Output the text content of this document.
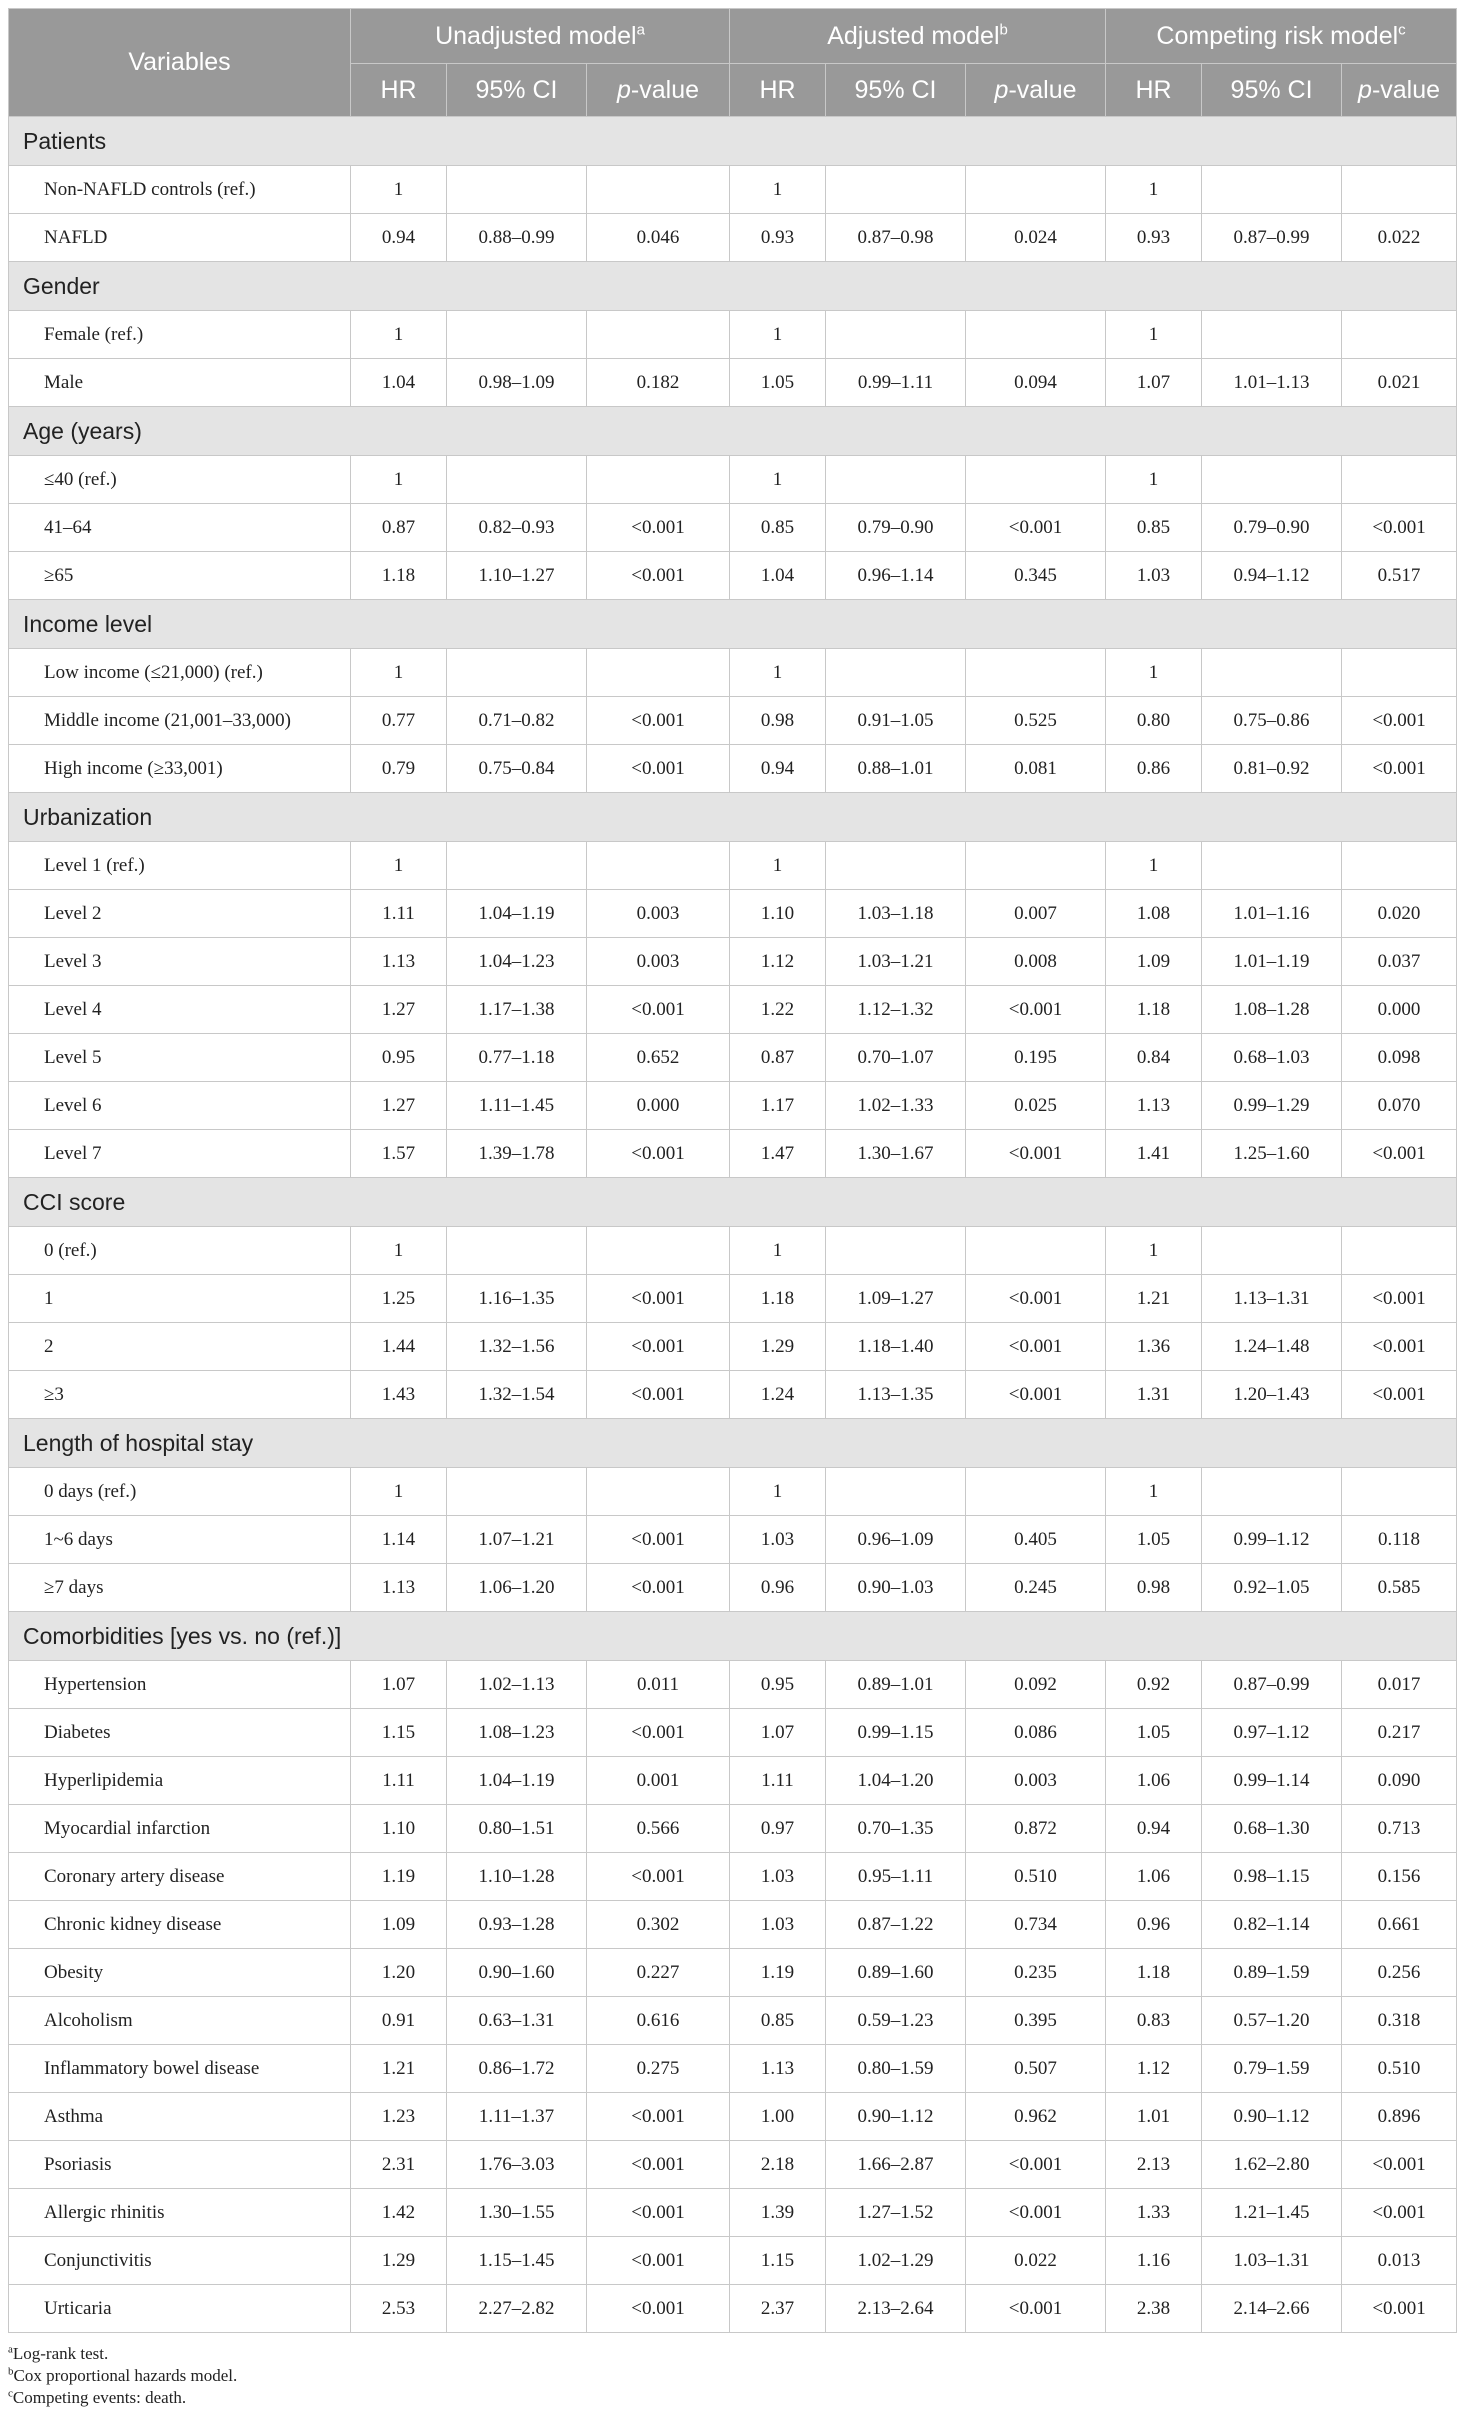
Variables	Unadjusted model$^a$			Adjusted model$^b$			Competing risk model$^c$
	HR	95% CI	p-value	HR	95% CI	p-value	HR	95% CI	p-value
Patients									
Non-NAFLD controls (ref.)	1			1			1		
NAFLD	0.94	0.88–0.99	0.046	0.93	0.87–0.98	0.024	0.93	0.87–0.99	0.022
Gender									
Female (ref.)	1			1			1		
Male	1.04	0.98–1.09	0.182	1.05	0.99–1.11	0.094	1.07	1.01–1.13	0.021
Age (years)									
≤40 (ref.)	1			1			1		
41–64	0.87	0.82–0.93	<0.001	0.85	0.79–0.90	<0.001	0.85	0.79–0.90	<0.001
≥65	1.18	1.10–1.27	<0.001	1.04	0.96–1.14	0.345	1.03	0.94–1.12	0.517
Income level									
Low income (≤21,000) (ref.)	1			1			1		
Middle income (21,001–33,000)	0.77	0.71–0.82	<0.001	0.98	0.91–1.05	0.525	0.80	0.75–0.86	<0.001
High income (≥33,001)	0.79	0.75–0.84	<0.001	0.94	0.88–1.01	0.081	0.86	0.81–0.92	<0.001
Urbanization									
Level 1 (ref.)	1			1			1		
Level 2	1.11	1.04–1.19	0.003	1.10	1.03–1.18	0.007	1.08	1.01–1.16	0.020
Level 3	1.13	1.04–1.23	0.003	1.12	1.03–1.21	0.008	1.09	1.01–1.19	0.037
Level 4	1.27	1.17–1.38	<0.001	1.22	1.12–1.32	<0.001	1.18	1.08–1.28	0.000
Level 5	0.95	0.77–1.18	0.652	0.87	0.70–1.07	0.195	0.84	0.68–1.03	0.098
Level 6	1.27	1.11–1.45	0.000	1.17	1.02–1.33	0.025	1.13	0.99–1.29	0.070
Level 7	1.57	1.39–1.78	<0.001	1.47	1.30–1.67	<0.001	1.41	1.25–1.60	<0.001
CCI score									
0 (ref.)	1			1			1		
1	1.25	1.16–1.35	<0.001	1.18	1.09–1.27	<0.001	1.21	1.13–1.31	<0.001
2	1.44	1.32–1.56	<0.001	1.29	1.18–1.40	<0.001	1.36	1.24–1.48	<0.001
≥3	1.43	1.32–1.54	<0.001	1.24	1.13–1.35	<0.001	1.31	1.20–1.43	<0.001
Length of hospital stay									
0 days (ref.)	1			1			1		
1~6 days	1.14	1.07–1.21	<0.001	1.03	0.96–1.09	0.405	1.05	0.99–1.12	0.118
≥7 days	1.13	1.06–1.20	<0.001	0.96	0.90–1.03	0.245	0.98	0.92–1.05	0.585
Comorbidities [yes vs. no (ref.)]									
Hypertension	1.07	1.02–1.13	0.011	0.95	0.89–1.01	0.092	0.92	0.87–0.99	0.017
Diabetes	1.15	1.08–1.23	<0.001	1.07	0.99–1.15	0.086	1.05	0.97–1.12	0.217
Hyperlipidemia	1.11	1.04–1.19	0.001	1.11	1.04–1.20	0.003	1.06	0.99–1.14	0.090
Myocardial infarction	1.10	0.80–1.51	0.566	0.97	0.70–1.35	0.872	0.94	0.68–1.30	0.713
Coronary artery disease	1.19	1.10–1.28	<0.001	1.03	0.95–1.11	0.510	1.06	0.98–1.15	0.156
Chronic kidney disease	1.09	0.93–1.28	0.302	1.03	0.87–1.22	0.734	0.96	0.82–1.14	0.661
Obesity	1.20	0.90–1.60	0.227	1.19	0.89–1.60	0.235	1.18	0.89–1.59	0.256
Alcoholism	0.91	0.63–1.31	0.616	0.85	0.59–1.23	0.395	0.83	0.57–1.20	0.318
Inflammatory bowel disease	1.21	0.86–1.72	0.275	1.13	0.80–1.59	0.507	1.12	0.79–1.59	0.510
Asthma	1.23	1.11–1.37	<0.001	1.00	0.90–1.12	0.962	1.01	0.90–1.12	0.896
Psoriasis	2.31	1.76–3.03	<0.001	2.18	1.66–2.87	<0.001	2.13	1.62–2.80	<0.001
Allergic rhinitis	1.42	1.30–1.55	<0.001	1.39	1.27–1.52	<0.001	1.33	1.21–1.45	<0.001
Conjunctivitis	1.29	1.15–1.45	<0.001	1.15	1.02–1.29	0.022	1.16	1.03–1.31	0.013
Urticaria	2.53	2.27–2.82	<0.001	2.37	2.13–2.64	<0.001	2.38	2.14–2.66	<0.001
$^a$Log-rank test.
$^b$Cox proportional hazards model.
$^c$Competing events: death.
